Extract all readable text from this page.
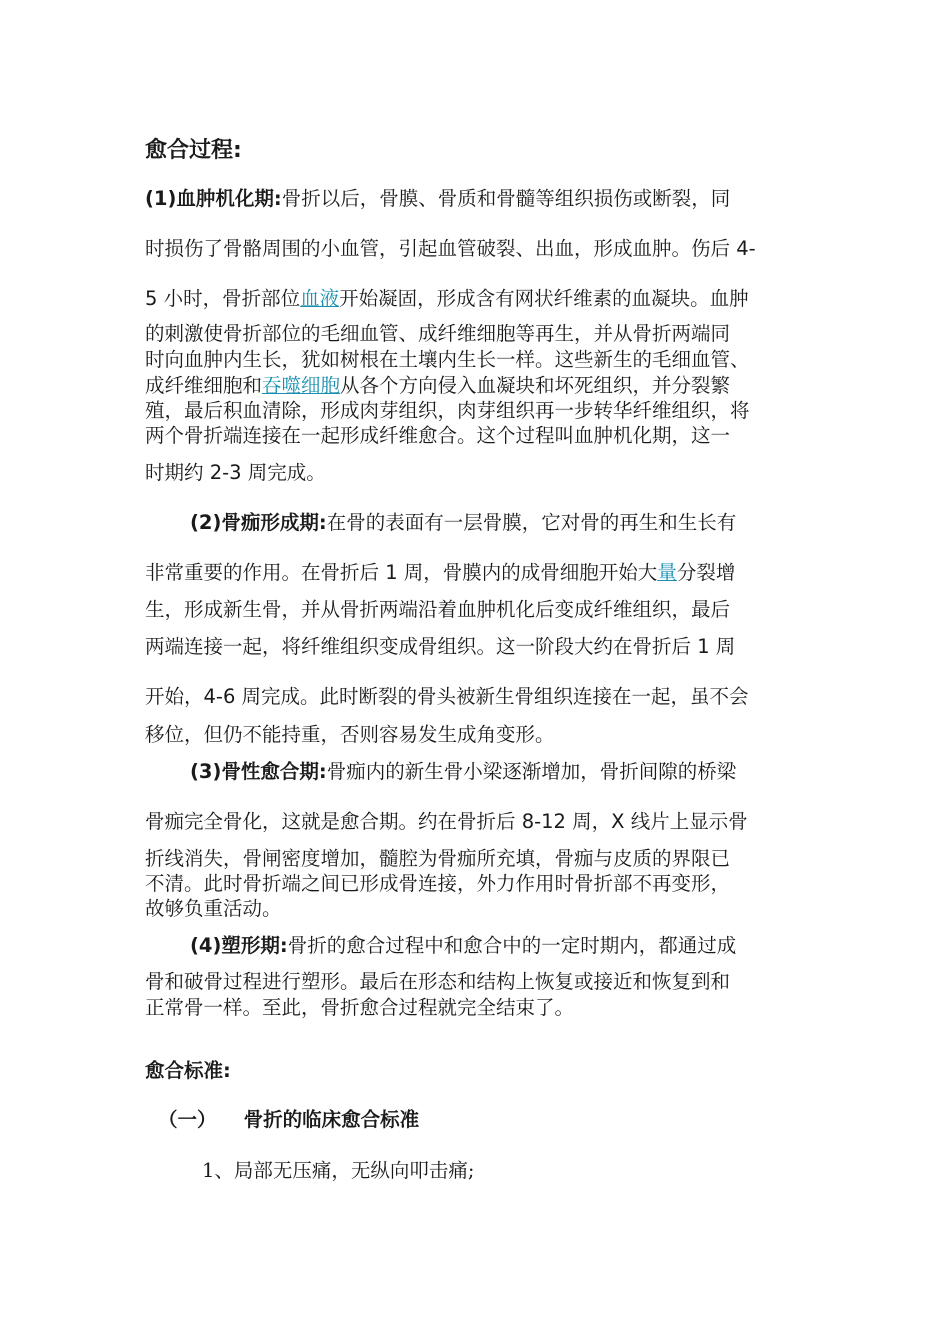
愈合过程:
(1)血肿机化期:骨折以后，骨膜、骨质和骨髓等组织损伤或断裂，同
时损伤了骨骼周围的小血管，引起血管破裂、出血，形成血肿。伤后 4-
5 小时，骨折部位血液开始凝固，形成含有网状纤维素的血凝块。血肿
的刺激使骨折部位的毛细血管、成纤维细胞等再生，并从骨折两端同
时向血肿内生长，犹如树根在土壤内生长一样。这些新生的毛细血管、
成纤维细胞和吞噬细胞从各个方向侵入血凝块和坏死组织，并分裂繁
殖，最后积血清除，形成肉芽组织，肉芽组织再一步转华纤维组织，将
两个骨折端连接在一起形成纤维愈合。这个过程叫血肿机化期，这一
时期约 2-3 周完成。
(2)骨痂形成期:在骨的表面有一层骨膜，它对骨的再生和生长有
非常重要的作用。在骨折后 1 周，骨膜内的成骨细胞开始大量分裂增
生，形成新生骨，并从骨折两端沿着血肿机化后变成纤维组织，最后
两端连接一起，将纤维组织变成骨组织。这一阶段大约在骨折后 1 周
开始，4-6 周完成。此时断裂的骨头被新生骨组织连接在一起，虽不会
移位，但仍不能持重，否则容易发生成角变形。
(3)骨性愈合期:骨痂内的新生骨小梁逐渐增加，骨折间隙的桥梁
骨痂完全骨化，这就是愈合期。约在骨折后 8-12 周，X 线片上显示骨
折线消失，骨闸密度增加，髓腔为骨痂所充填，骨痂与皮质的界限已
不清。此时骨折端之间已形成骨连接，外力作用时骨折部不再变形，
故够负重活动。
(4)塑形期:骨折的愈合过程中和愈合中的一定时期内，都通过成
骨和破骨过程进行塑形。最后在形态和结构上恢复或接近和恢复到和
正常骨一样。至此，骨折愈合过程就完全结束了。
愈合标准:
（一）    骨折的临床愈合标准
1、局部无压痛，无纵向叩击痛;
